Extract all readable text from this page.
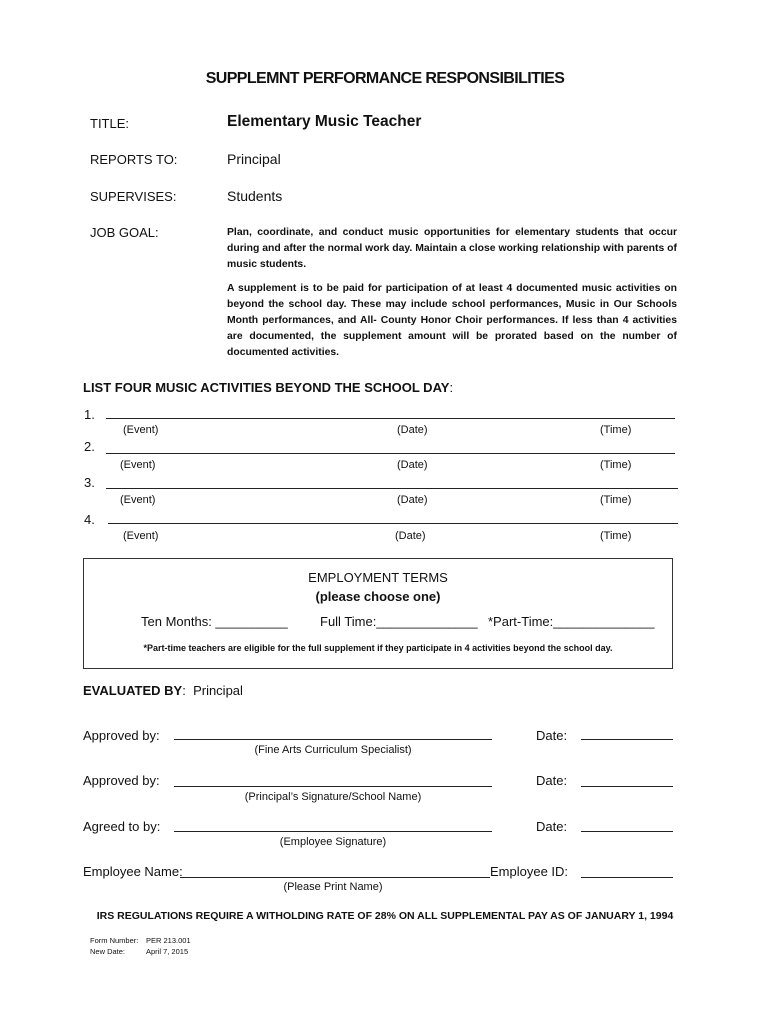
SUPPLEMNT PERFORMANCE RESPONSIBILITIES
TITLE:	Elementary Music Teacher
REPORTS TO:	Principal
SUPERVISES:	Students
JOB GOAL:	Plan, coordinate, and conduct music opportunities for elementary students that occur during and after the normal work day. Maintain a close working relationship with parents of music students.
A supplement is to be paid for participation of at least 4 documented music activities on beyond the school day. These may include school performances, Music in Our Schools Month performances, and All- County Honor Choir performances. If less than 4 activities are documented, the supplement amount will be prorated based on the number of documented activities.
LIST FOUR MUSIC ACTIVITIES BEYOND THE SCHOOL DAY:
1.
(Event)	(Date)	(Time)
2.
(Event)	(Date)	(Time)
3.
(Event)	(Date)	(Time)
4.
(Event)	(Date)	(Time)
EMPLOYMENT TERMS
(please choose one)
Ten Months: __________ Full Time:______________ *Part-Time:______________
*Part-time teachers are eligible for the full supplement if they participate in 4 activities beyond the school day.
EVALUATED BY: Principal
Approved by:
(Fine Arts Curriculum Specialist)
Date:
Approved by:
(Principal’s Signature/School Name)
Date:
Agreed to by:
(Employee Signature)
Date:
Employee Name:
(Please Print Name)
Employee ID:
IRS REGULATIONS REQUIRE A WITHOLDING RATE OF 28% ON ALL SUPPLEMENTAL PAY AS OF JANUARY 1, 1994
Form Number: PER 213.001
New Date:	April 7, 2015
